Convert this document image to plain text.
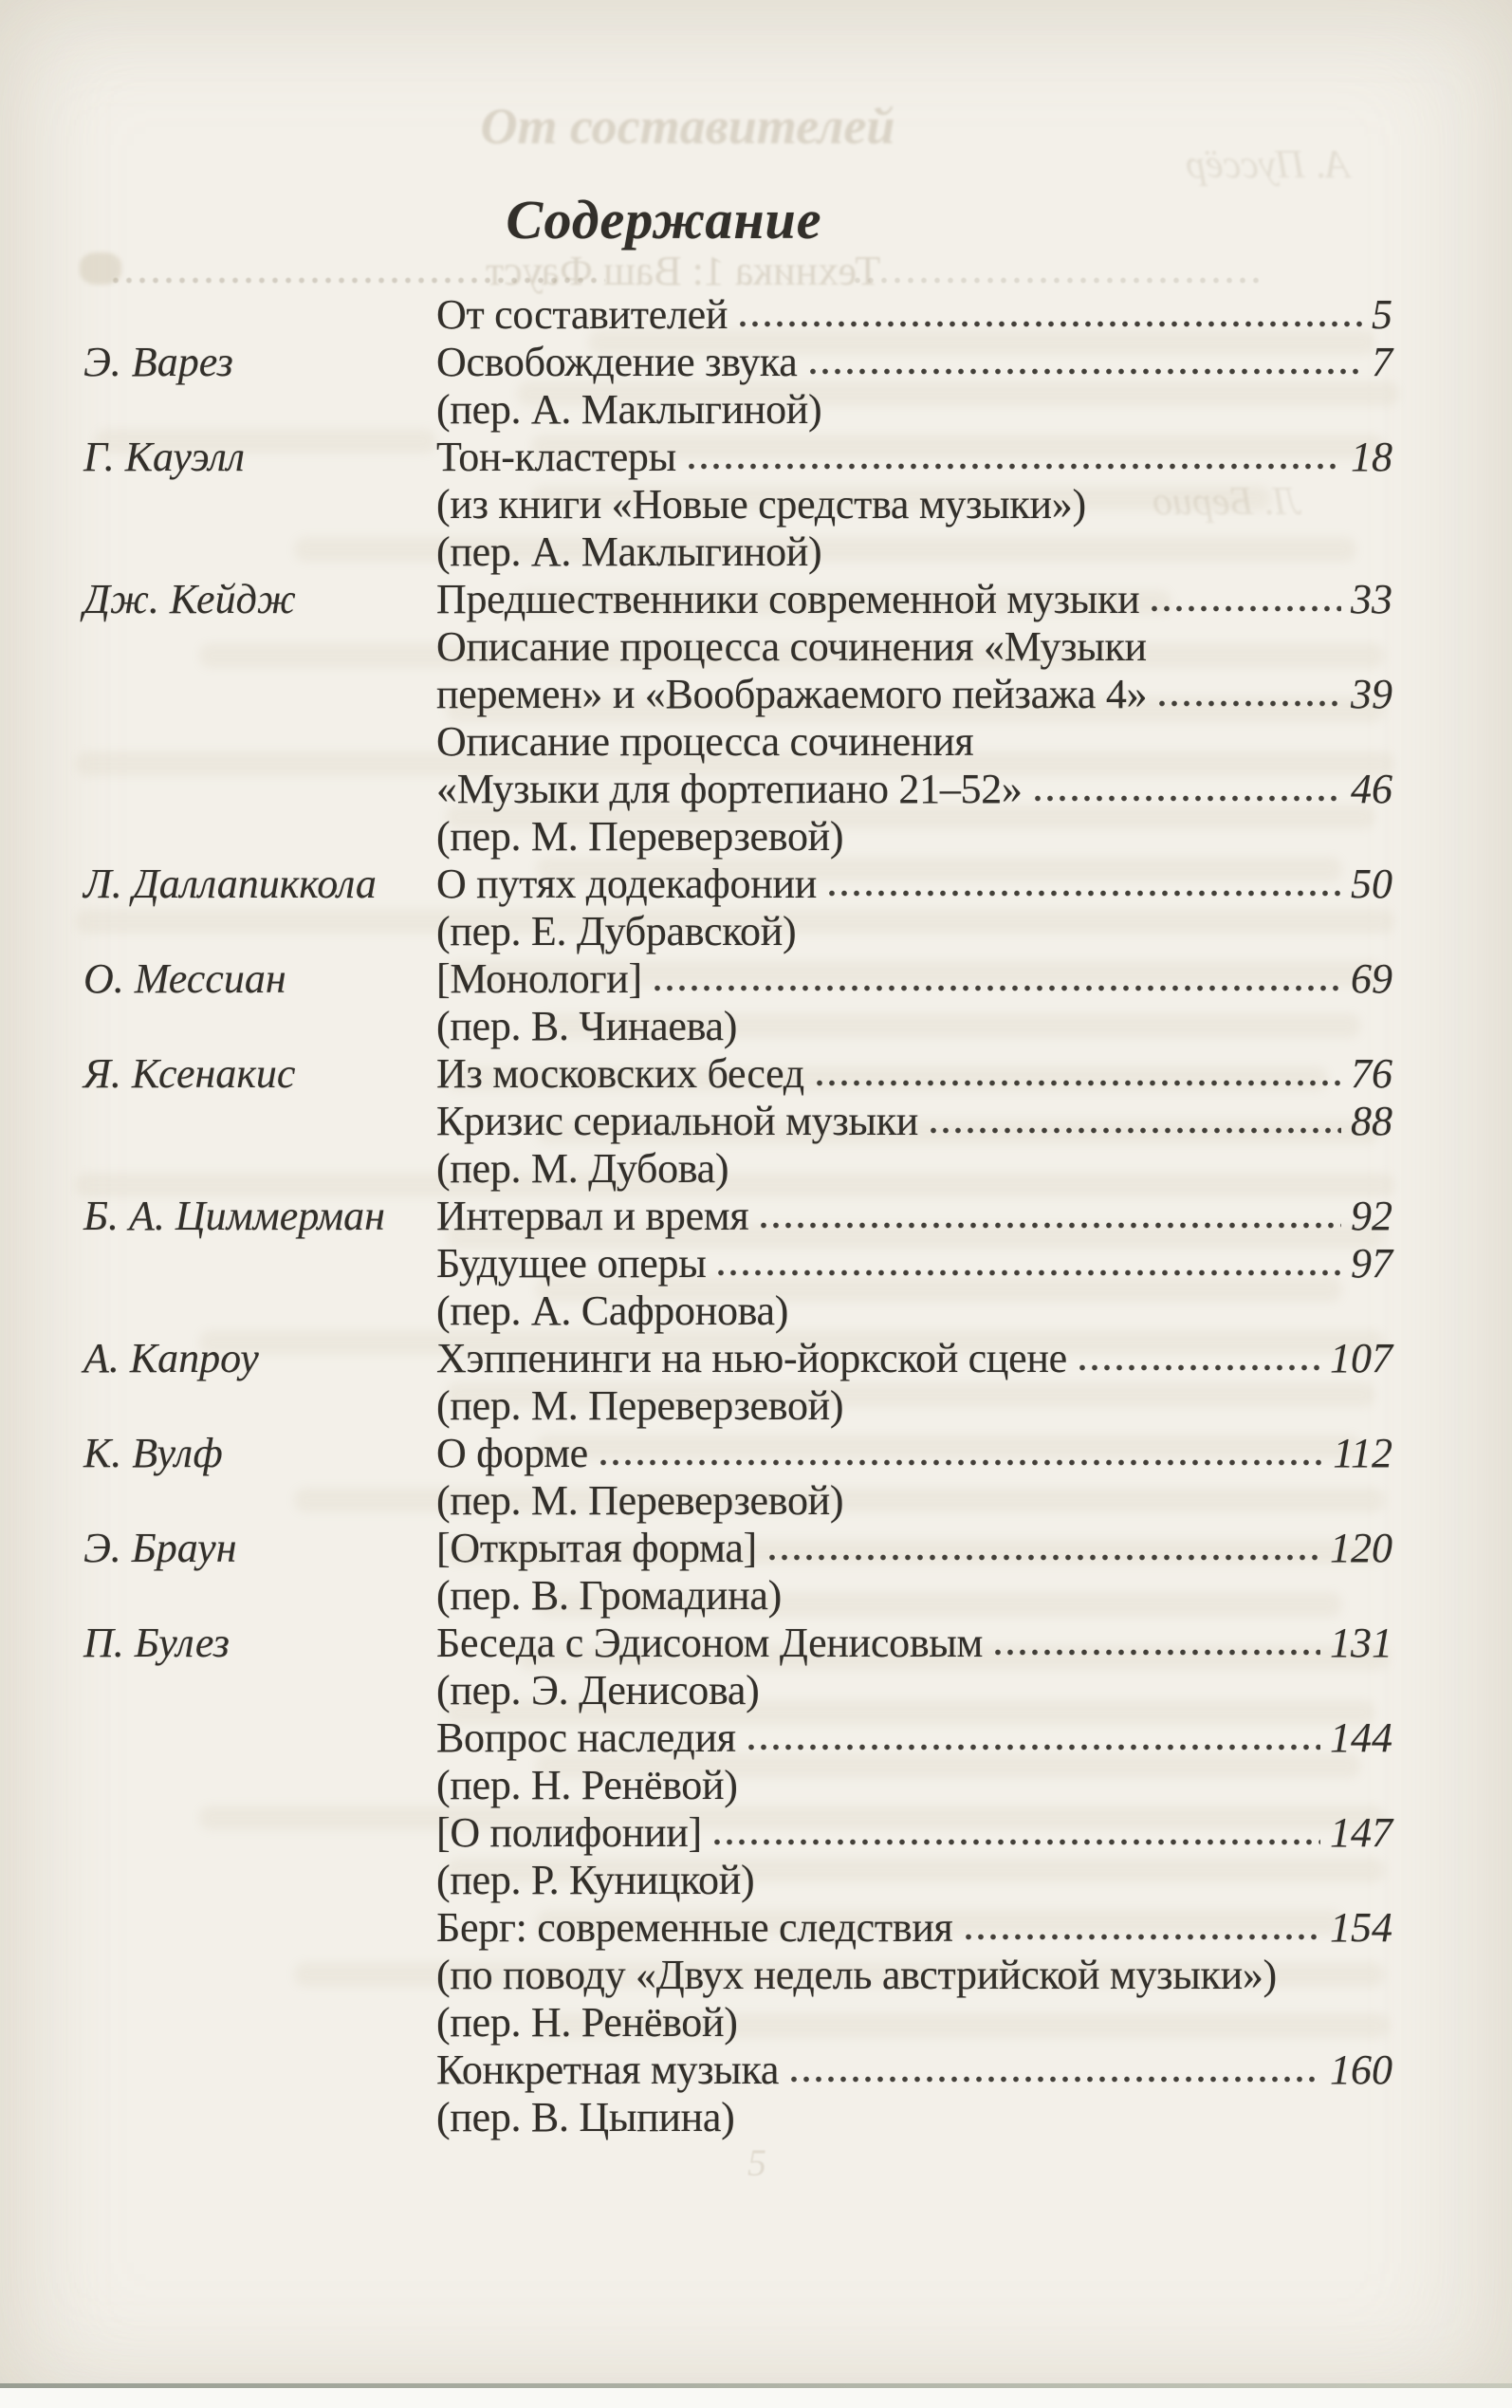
От составителей
А. Пуссёр
Техника 1: Ваш Фауст
Л. Берио
5
Содержание
От составителей	5
Э. Варез	Освобождение звука	7
(пер. А. Маклыгиной)
Г. Кауэлл	Тон-кластеры	18
(из книги «Новые средства музыки»)
(пер. А. Маклыгиной)
Дж. Кейдж	Предшественники современной музыки	33
Описание процесса сочинения «Музыки
перемен» и «Воображаемого пейзажа 4»	39
Описание процесса сочинения
«Музыки для фортепиано 21–52»	46
(пер. М. Переверзевой)
Л. Даллапиккола	О путях додекафонии	50
(пер. Е. Дубравской)
О. Мессиан	[Монологи]	69
(пер. В. Чинаева)
Я. Ксенакис	Из московских бесед	76
Кризис сериальной музыки	88
(пер. М. Дубова)
Б. А. Циммерман	Интервал и время	92
Будущее оперы	97
(пер. А. Сафронова)
А. Капроу	Хэппенинги на нью-йоркской сцене	107
(пер. М. Переверзевой)
К. Вулф	О форме	112
(пер. М. Переверзевой)
Э. Браун	[Открытая форма]	120
(пер. В. Громадина)
П. Булез	Беседа с Эдисоном Денисовым	131
(пер. Э. Денисова)
Вопрос наследия	144
(пер. Н. Ренёвой)
[О полифонии]	147
(пер. Р. Куницкой)
Берг: современные следствия	154
(по поводу «Двух недель австрийской музыки»)
(пер. Н. Ренёвой)
Конкретная музыка	160
(пер. В. Цыпина)
